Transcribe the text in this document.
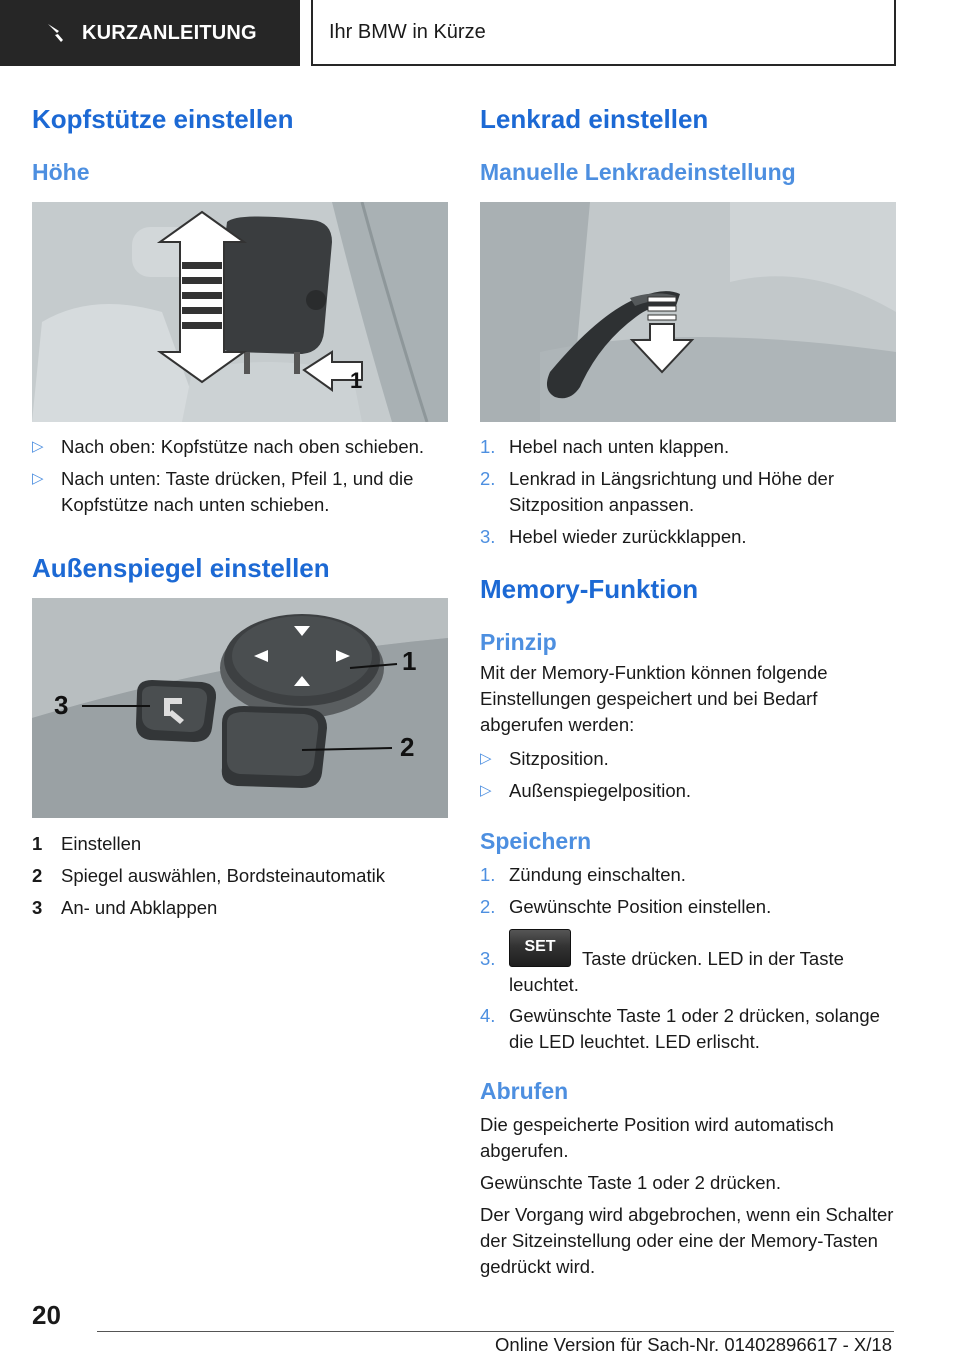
KURZANLEITUNG	Ihr BMW in Kürze
Kopfstütze einstellen
Höhe
1
▷ Nach oben: Kopfstütze nach oben schieben.
▷ Nach unten: Taste drücken, Pfeil 1, und die Kopfstütze nach unten schieben.
Außenspiegel einstellen
1
2
3
1	Einstellen
2	Spiegel auswählen, Bordsteinautomatik
3	An- und Abklappen
Lenkrad einstellen
Manuelle Lenkradeinstellung
1. Hebel nach unten klappen.
2. Lenkrad in Längsrichtung und Höhe der Sitzposition anpassen.
3. Hebel wieder zurückklappen.
Memory-Funktion
Prinzip
Mit der Memory-Funktion können folgende Einstellungen gespeichert und bei Bedarf abgerufen werden:
▷ Sitzposition.
▷ Außenspiegelposition.
Speichern
1. Zündung einschalten.
2. Gewünschte Position einstellen.
3.
SET
Taste drücken. LED in der Taste leuchtet.
4. Gewünschte Taste 1 oder 2 drücken, solange die LED leuchtet. LED erlischt.
Abrufen
Die gespeicherte Position wird automatisch abgerufen.
Gewünschte Taste 1 oder 2 drücken.
Der Vorgang wird abgebrochen, wenn ein Schalter der Sitzeinstellung oder eine der Memory-Tasten gedrückt wird.
20
Online Version für Sach-Nr. 01402896617 - X/18
